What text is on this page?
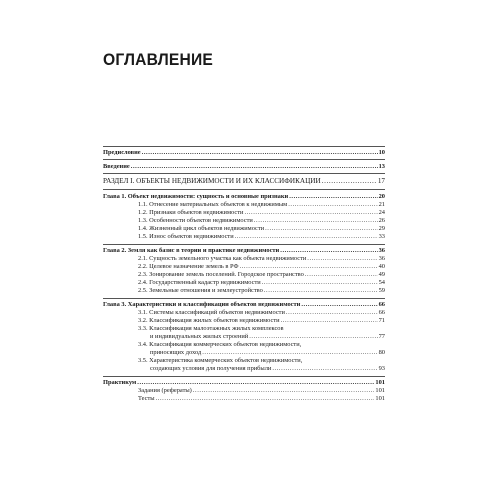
ОГЛАВЛЕНИЕ
Предисловие .....	10
Введение .....	13
РАЗДЕЛ I. ОБЪЕКТЫ НЕДВИЖИМОСТИ И ИХ КЛАССИФИКАЦИИ .....	17
Глава 1. Объект недвижимости: сущность и основные признаки .....	20
1.1. Отнесение материальных объектов к недвижимым .....	21
1.2. Признаки объектов недвижимости .....	24
1.3. Особенности объектов недвижимости .....	26
1.4. Жизненный цикл объектов недвижимости .....	29
1.5. Износ объектов недвижимости .....	33
Глава 2. Земля как базис в теории и практике недвижимости .....	36
2.1. Сущность земельного участка как объекта недвижимости .....	36
2.2. Целевое назначение земель в РФ .....	40
2.3. Зонирование земель поселений. Городское пространство .....	49
2.4. Государственный кадастр недвижимости .....	54
2.5. Земельные отношения и землеустройство .....	59
Глава 3. Характеристики и классификации объектов недвижимости .....	66
3.1. Системы классификаций объектов недвижимости .....	66
3.2. Классификация жилых объектов недвижимости .....	71
3.3. Классификация малоэтажных жилых комплексов
и индивидуальных жилых строений .....	77
3.4. Классификация коммерческих объектов недвижимости,
приносящих доход .....	80
3.5. Характеристика коммерческих объектов недвижимости,
создающих условия для получения прибыли .....	93
Практикум .....	101
Задания (рефераты) .....	101
Тесты .....	101
